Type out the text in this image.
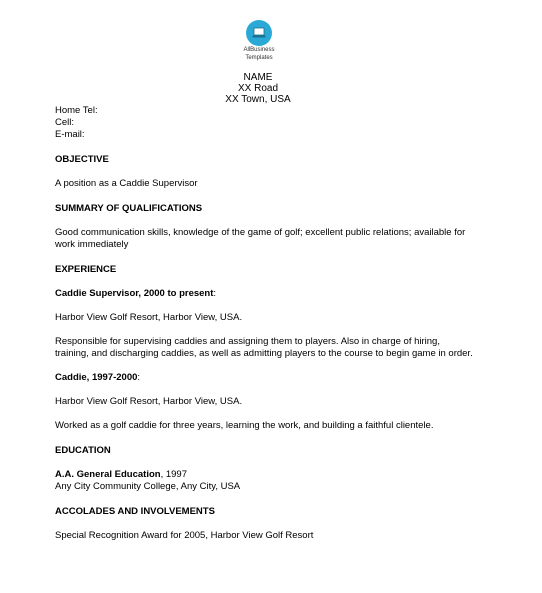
AllBusiness
Templates
NAME
XX Road
XX Town, USA
Home Tel:
Cell:
E-mail:
OBJECTIVE
A position as a Caddie Supervisor
SUMMARY OF QUALIFICATIONS
Good communication skills, knowledge of the game of golf; excellent public relations; available for work immediately
EXPERIENCE
Caddie Supervisor, 2000 to present:
Harbor View Golf Resort, Harbor View, USA.
Responsible for supervising caddies and assigning them to players. Also in charge of hiring, training, and discharging caddies, as well as admitting players to the course to begin game in order.
Caddie, 1997-2000:
Harbor View Golf Resort, Harbor View, USA.
Worked as a golf caddie for three years, learning the work, and building a faithful clientele.
EDUCATION
A.A. General Education, 1997
Any City Community College, Any City, USA
ACCOLADES AND INVOLVEMENTS
Special Recognition Award for 2005, Harbor View Golf Resort
